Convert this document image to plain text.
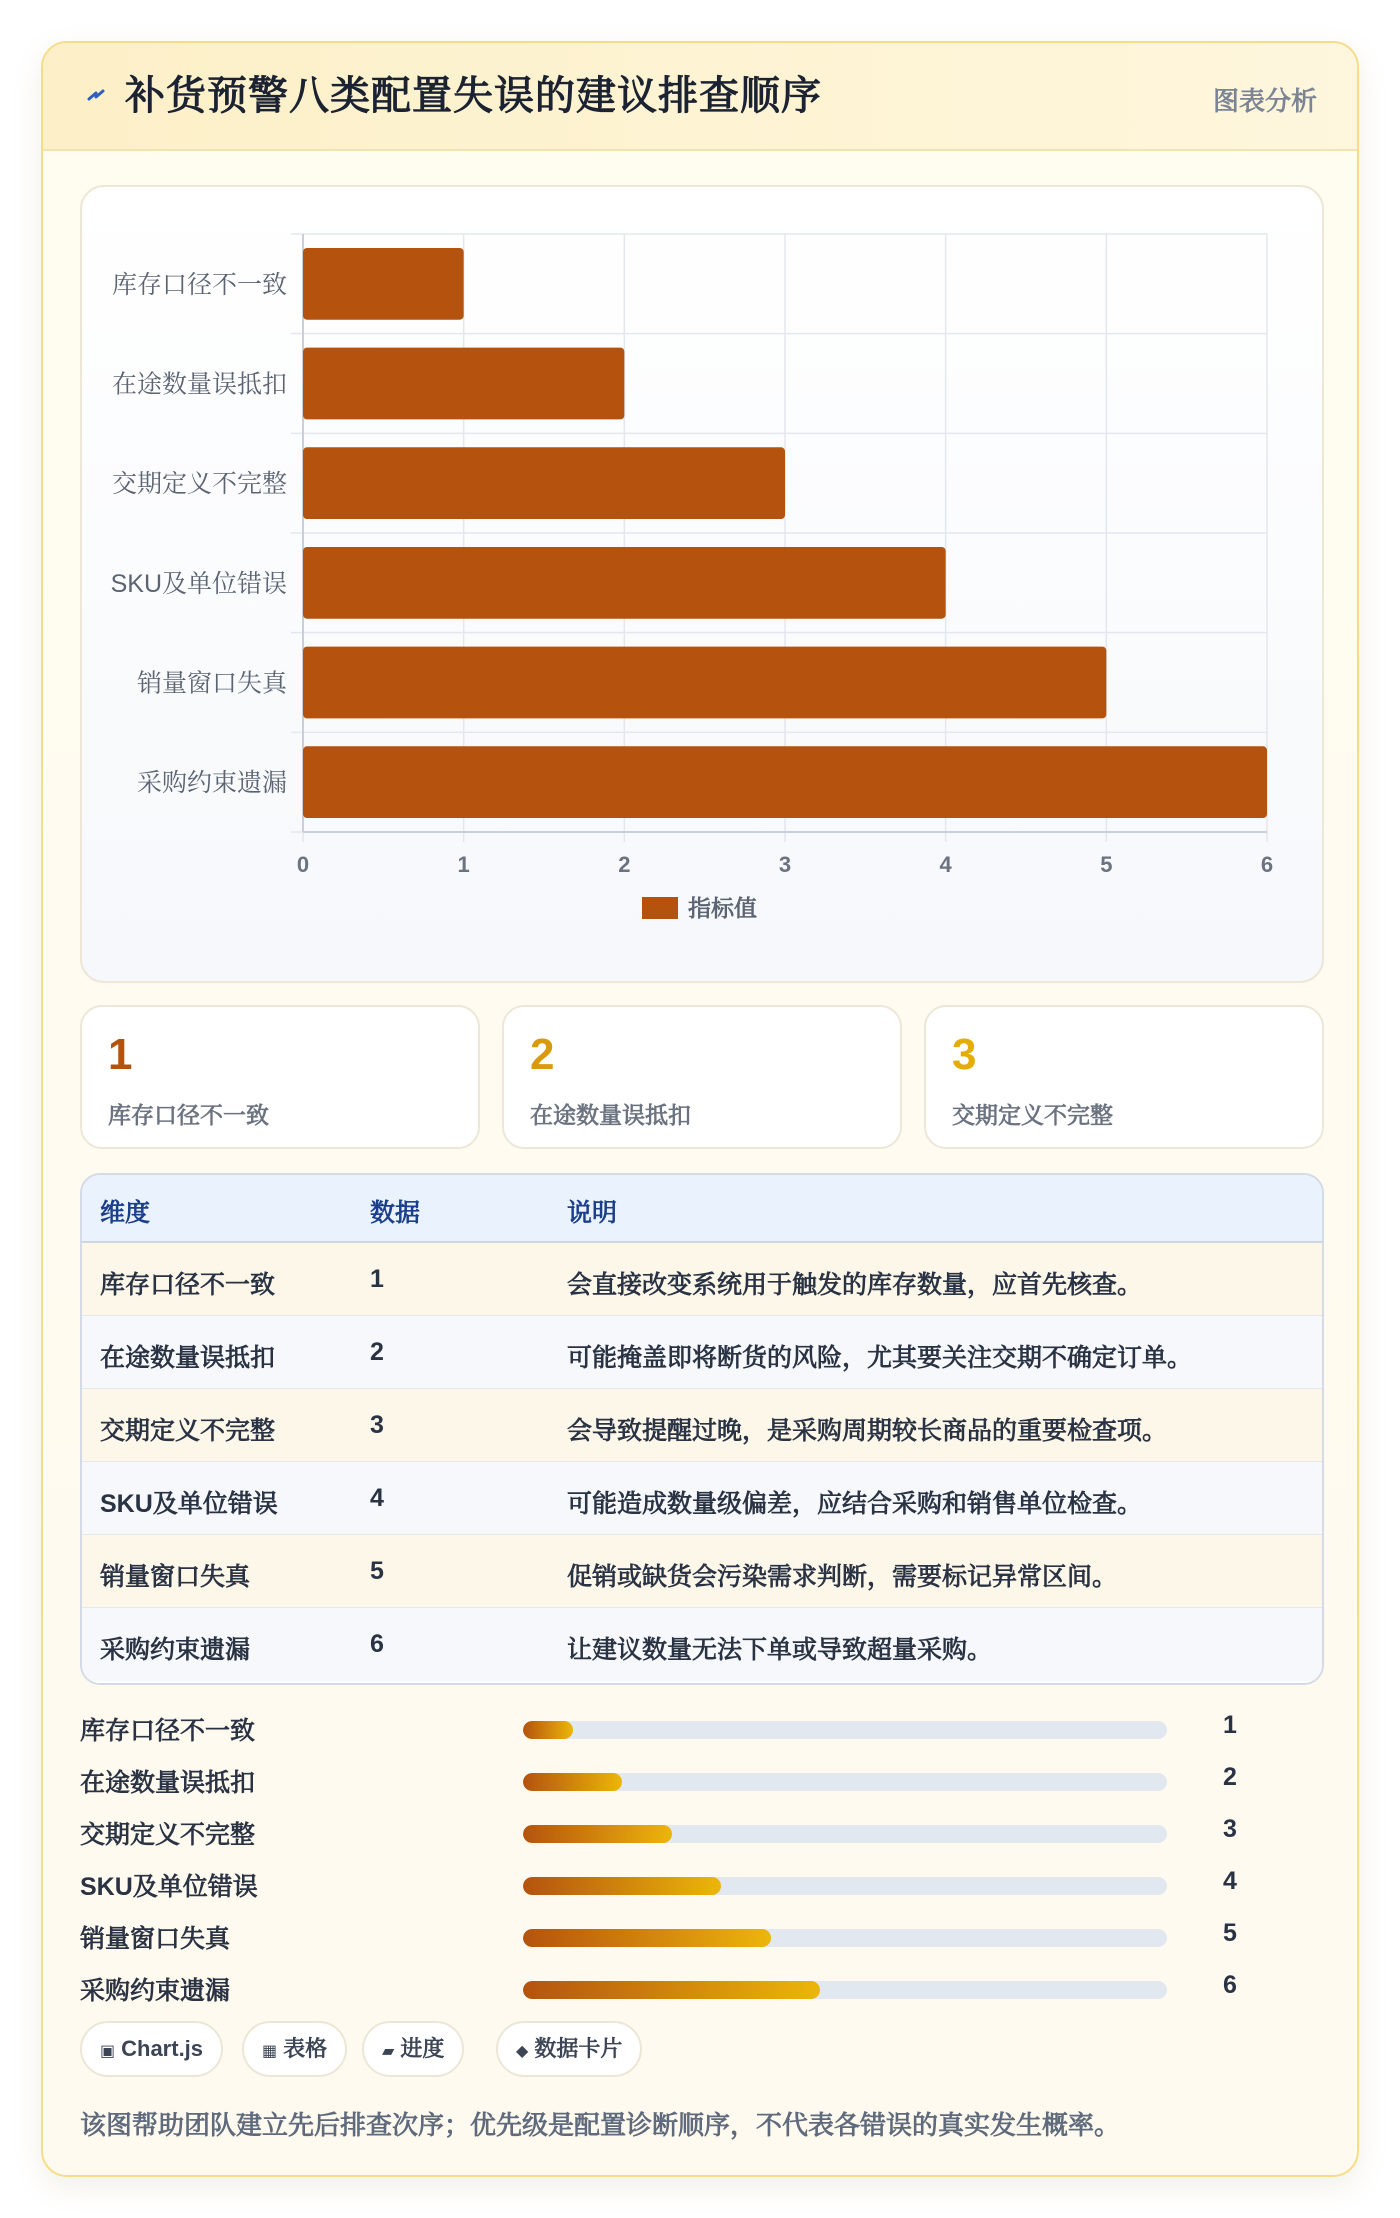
补货预警八类配置失误的建议排查顺序	图表分析
0	1	2	3	4	5	6
库存口径不一致
在途数量误抵扣
交期定义不完整
SKU及单位错误
销量窗口失真
采购约束遗漏
指标值
1
库存口径不一致
2
在途数量误抵扣
3
交期定义不完整
维度	数据	说明
库存口径不一致	1	会直接改变系统用于触发的库存数量，应首先核查。
在途数量误抵扣	2	可能掩盖即将断货的风险，尤其要关注交期不确定订单。
交期定义不完整	3	会导致提醒过晚，是采购周期较长商品的重要检查项。
SKU及单位错误	4	可能造成数量级偏差，应结合采购和销售单位检查。
销量窗口失真	5	促销或缺货会污染需求判断，需要标记异常区间。
采购约束遗漏	6	让建议数量无法下单或导致超量采购。
库存口径不一致	1
在途数量误抵扣	2
交期定义不完整	3
SKU及单位错误	4
销量窗口失真	5
采购约束遗漏	6
▣ Chart.js	▦ 表格	▰ 进度	◆ 数据卡片
该图帮助团队建立先后排查次序；优先级是配置诊断顺序，不代表各错误的真实发生概率。
